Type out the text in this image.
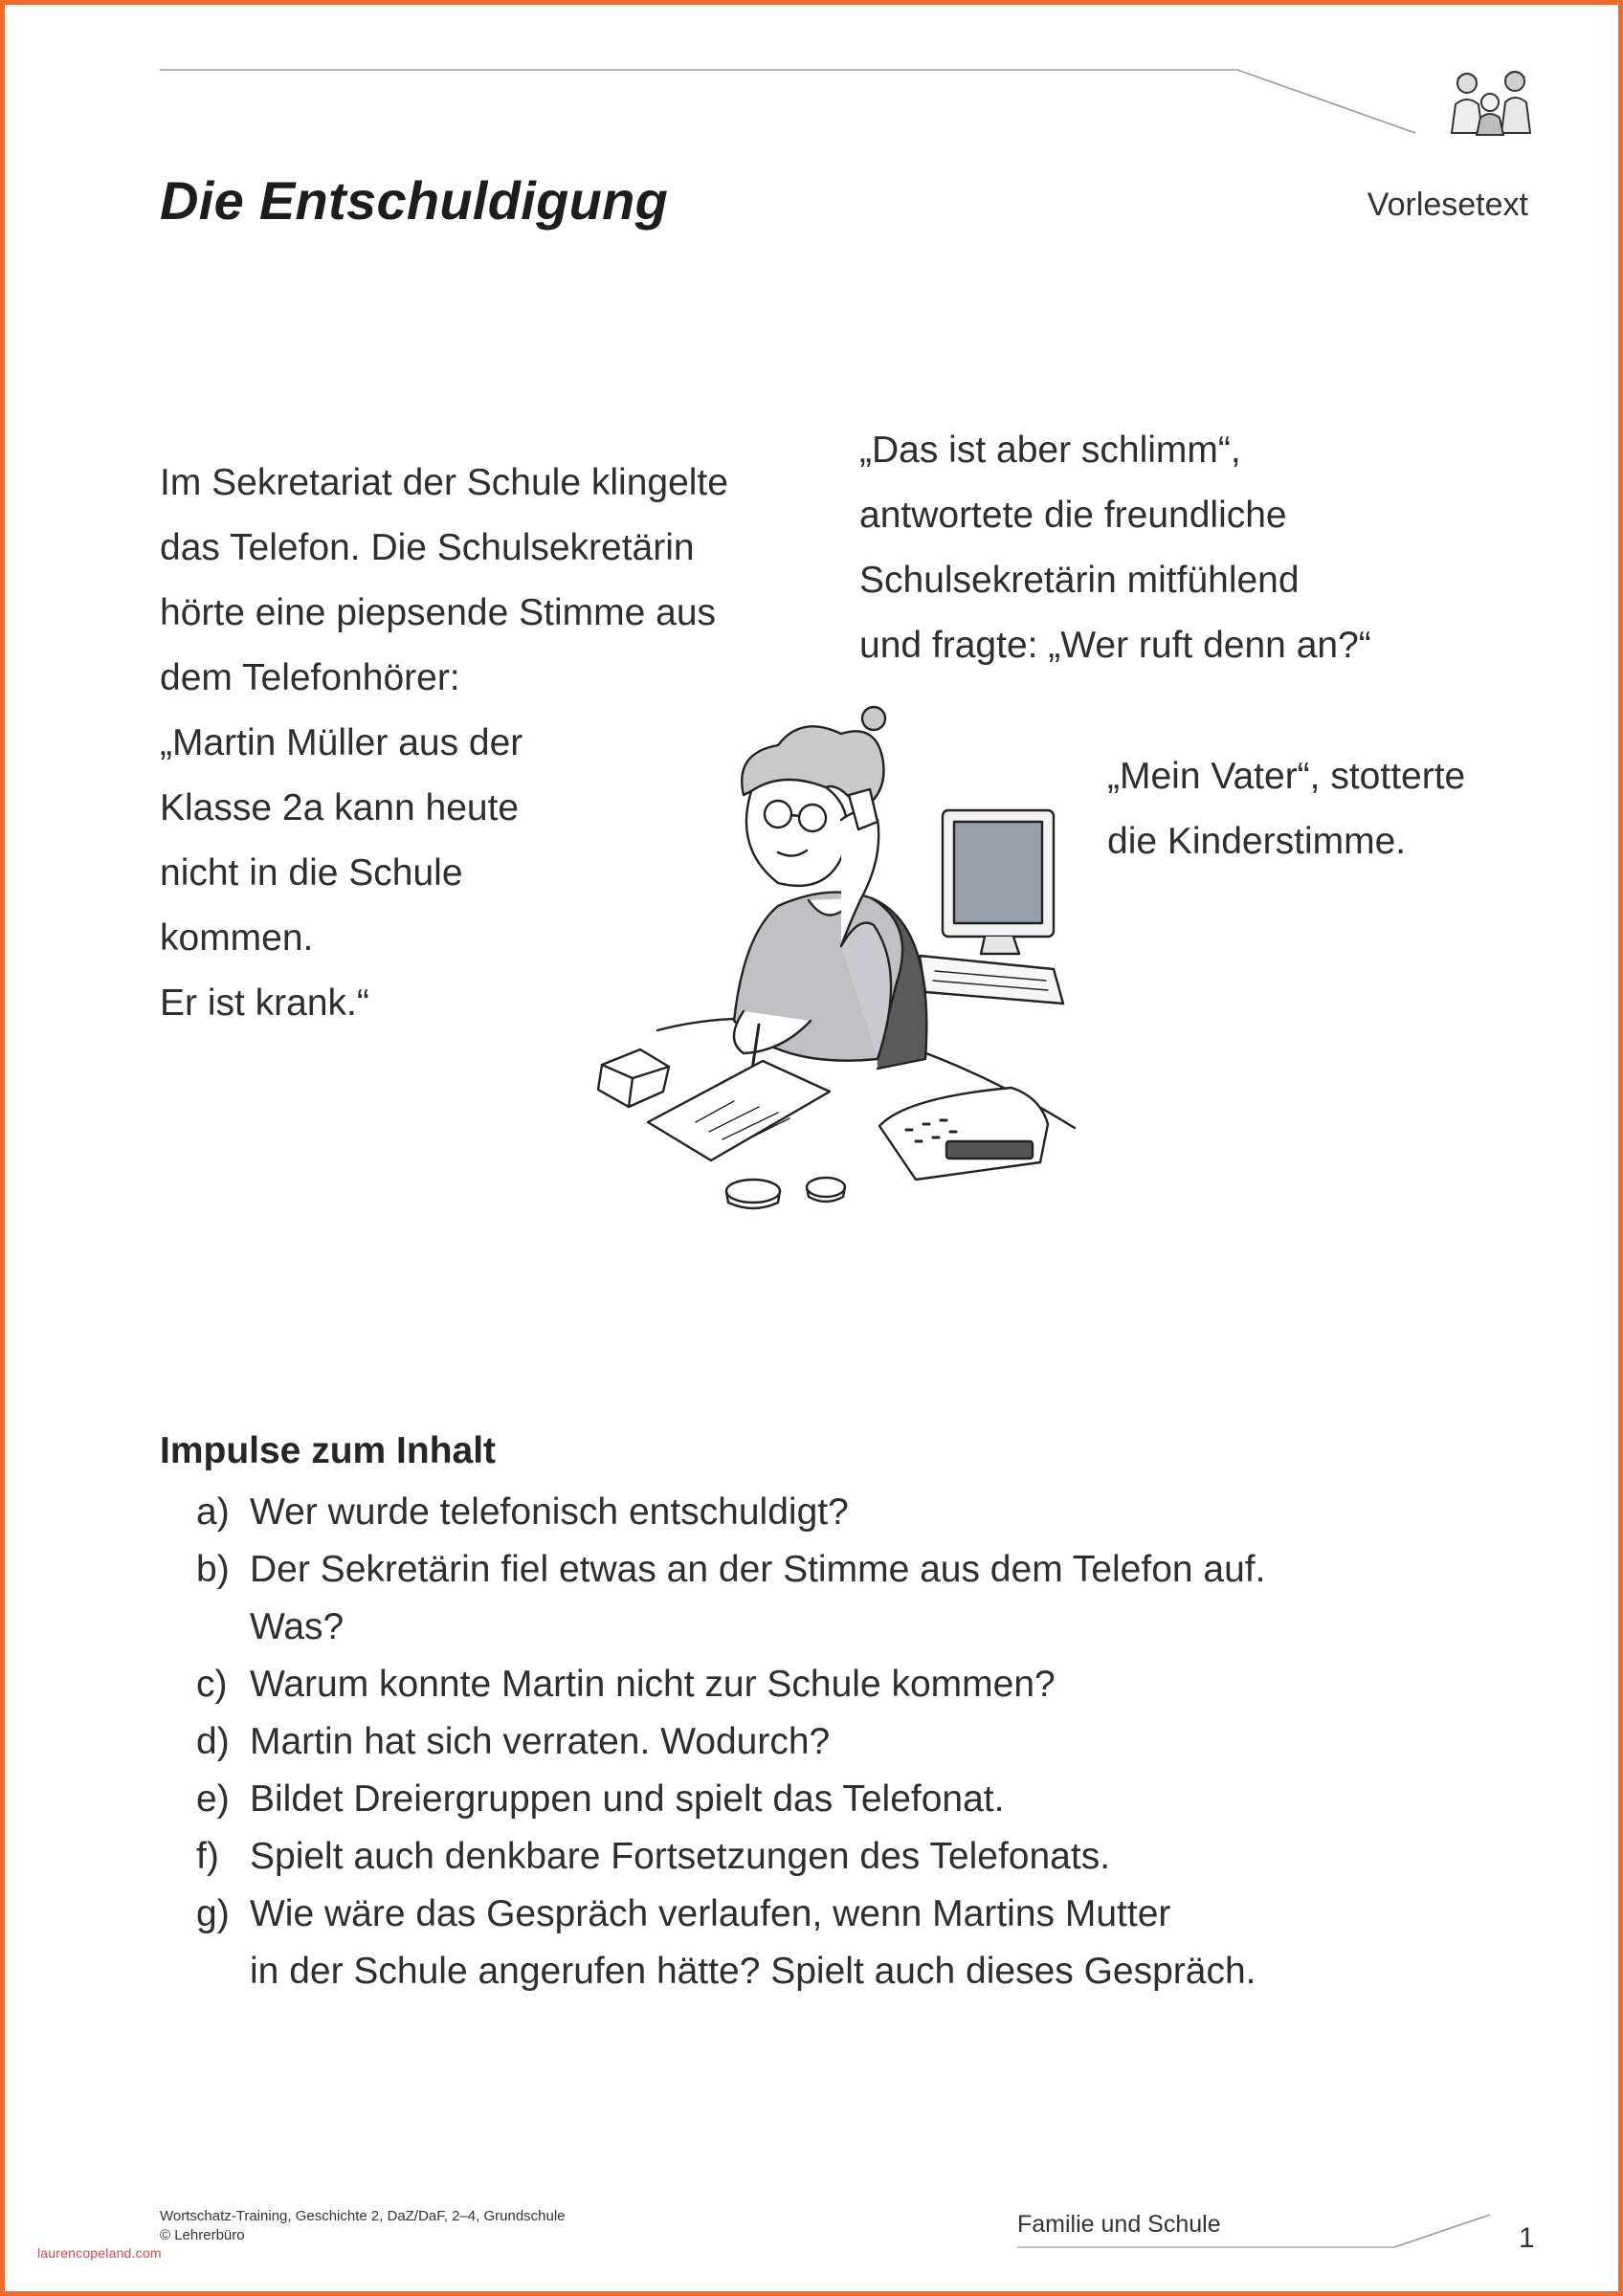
Die Entschuldigung	Vorlesetext
Im Sekretariat der Schule klingelte
das Telefon. Die Schulsekretärin
hörte eine piepsende Stimme aus
dem Telefonhörer:
„Martin Müller aus der
Klasse 2a kann heute
nicht in die Schule
kommen.
Er ist krank.“
„Das ist aber schlimm“,
antwortete die freundliche
Schulsekretärin mitfühlend
und fragte: „Wer ruft denn an?“
„Mein Vater“, stotterte
die Kinderstimme.
Impulse zum Inhalt
a) Wer wurde telefonisch entschuldigt?
b) Der Sekretärin fiel etwas an der Stimme aus dem Telefon auf.
Was?
c) Warum konnte Martin nicht zur Schule kommen?
d) Martin hat sich verraten. Wodurch?
e) Bildet Dreiergruppen und spielt das Telefonat.
f) Spielt auch denkbare Fortsetzungen des Telefonats.
g) Wie wäre das Gespräch verlaufen, wenn Martins Mutter
in der Schule angerufen hätte? Spielt auch dieses Gespräch.
Wortschatz-Training, Geschichte 2, DaZ/DaF, 2–4, Grundschule
© Lehrerbüro	Familie und Schule	1
laurencopeland.com
